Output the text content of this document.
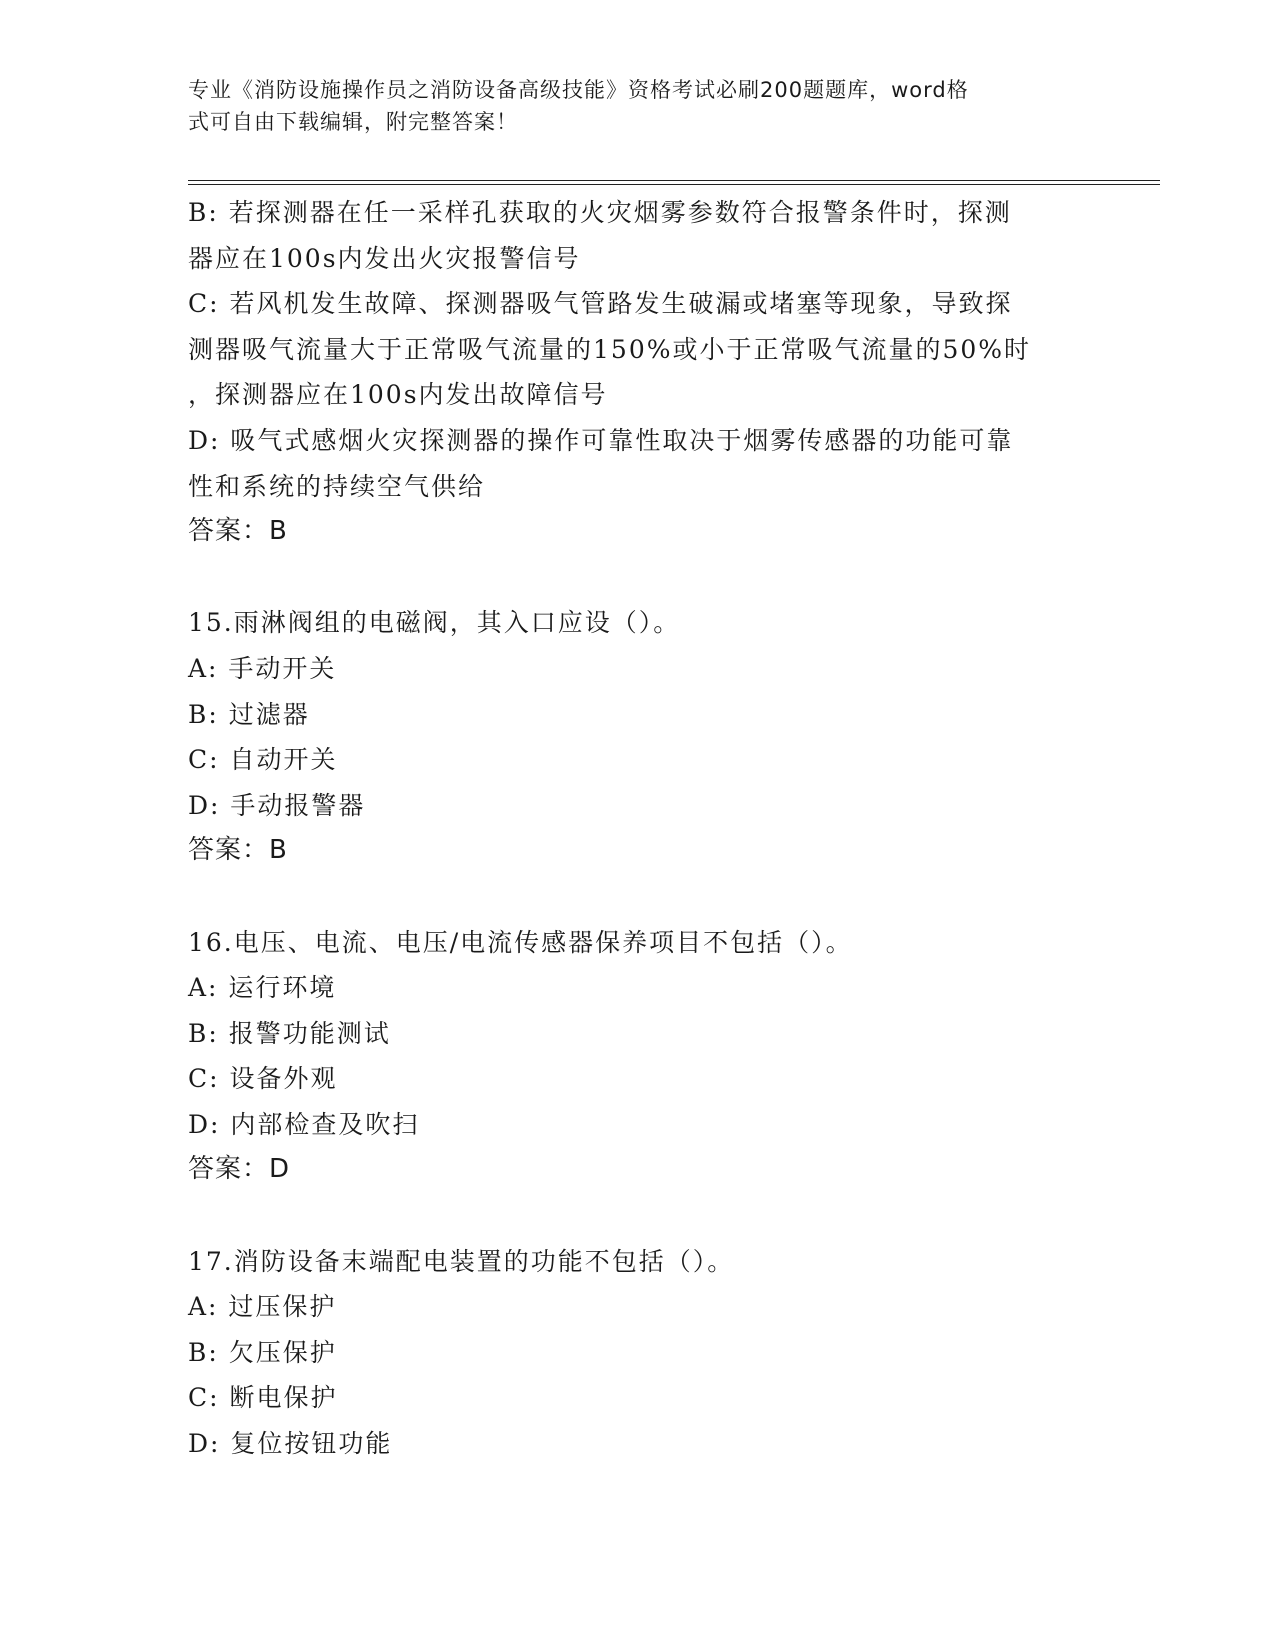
专业《消防设施操作员之消防设备高级技能》资格考试必刷200题题库，word格
式可自由下载编辑，附完整答案！
B: 若探测器在任一采样孔获取的火灾烟雾参数符合报警条件时，探测
器应在100s内发出火灾报警信号
C: 若风机发生故障、探测器吸气管路发生破漏或堵塞等现象，导致探
测器吸气流量大于正常吸气流量的150%或小于正常吸气流量的50%时
，探测器应在100s内发出故障信号
D: 吸气式感烟火灾探测器的操作可靠性取决于烟雾传感器的功能可靠
性和系统的持续空气供给
答案：B
15.雨淋阀组的电磁阀，其入口应设（）。
A: 手动开关
B: 过滤器
C: 自动开关
D: 手动报警器
答案：B
16.电压、电流、电压/电流传感器保养项目不包括（）。
A: 运行环境
B: 报警功能测试
C: 设备外观
D: 内部检查及吹扫
答案：D
17.消防设备末端配电装置的功能不包括（）。
A: 过压保护
B: 欠压保护
C: 断电保护
D: 复位按钮功能
